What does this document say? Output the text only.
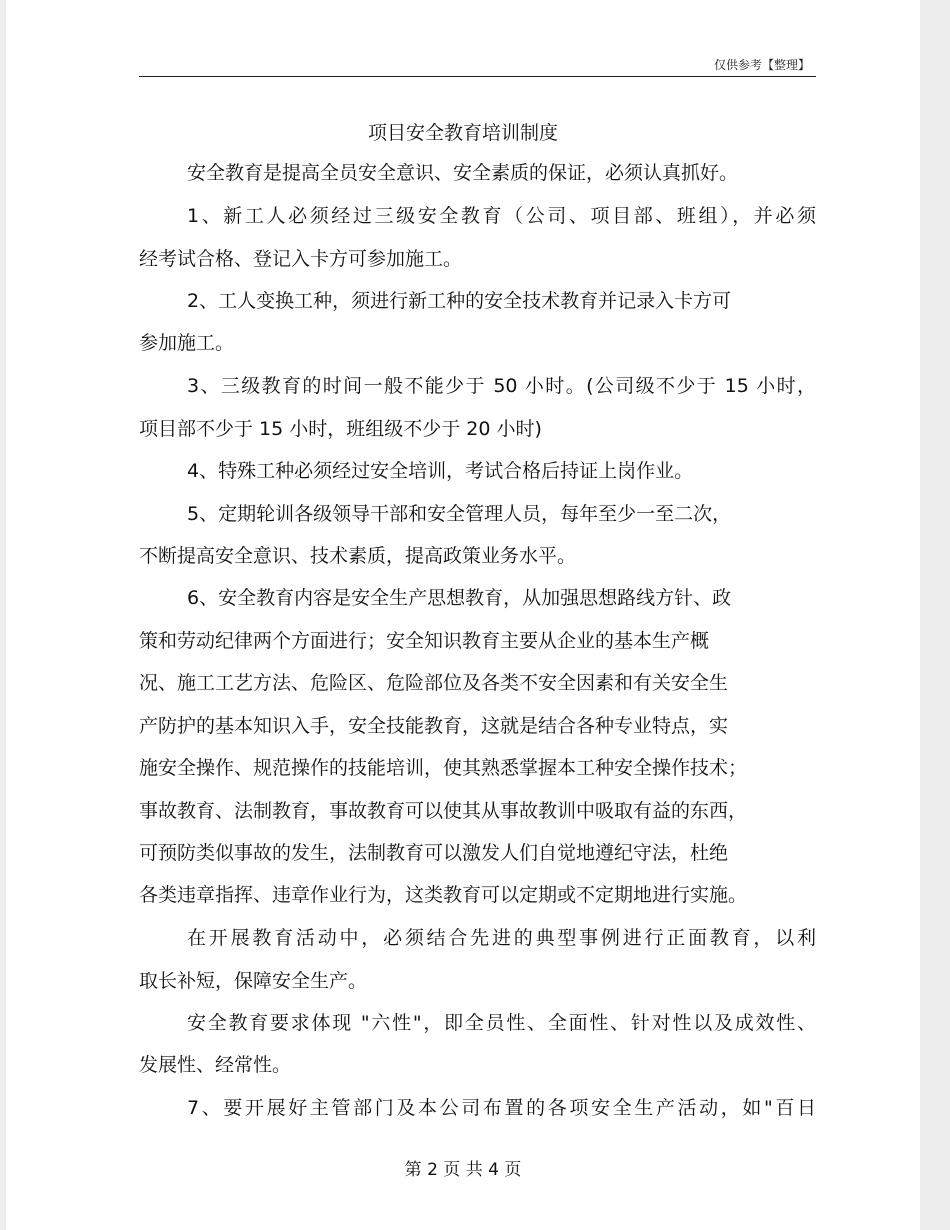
仅供参考【整理】
项目安全教育培训制度
安全教育是提高全员安全意识、安全素质的保证，必须认真抓好。
1、新工人必须经过三级安全教育（公司、项目部、班组），并必须
经考试合格、登记入卡方可参加施工。
2、工人变换工种，须进行新工种的安全技术教育并记录入卡方可
参加施工。
3、三级教育的时间一般不能少于 50 小时。(公司级不少于 15 小时，
项目部不少于 15 小时，班组级不少于 20 小时)
4、特殊工种必须经过安全培训，考试合格后持证上岗作业。
5、定期轮训各级领导干部和安全管理人员，每年至少一至二次，
不断提高安全意识、技术素质，提高政策业务水平。
6、安全教育内容是安全生产思想教育，从加强思想路线方针、政
策和劳动纪律两个方面进行；安全知识教育主要从企业的基本生产概
况、施工工艺方法、危险区、危险部位及各类不安全因素和有关安全生
产防护的基本知识入手，安全技能教育，这就是结合各种专业特点，实
施安全操作、规范操作的技能培训，使其熟悉掌握本工种安全操作技术；
事故教育、法制教育，事故教育可以使其从事故教训中吸取有益的东西，
可预防类似事故的发生，法制教育可以激发人们自觉地遵纪守法，杜绝
各类违章指挥、违章作业行为，这类教育可以定期或不定期地进行实施。
在开展教育活动中，必须结合先进的典型事例进行正面教育，以利
取长补短，保障安全生产。
安全教育要求体现 "六性"，即全员性、全面性、针对性以及成效性、
发展性、经常性。
7、要开展好主管部门及本公司布置的各项安全生产活动，如"百日
第 2 页 共 4 页
